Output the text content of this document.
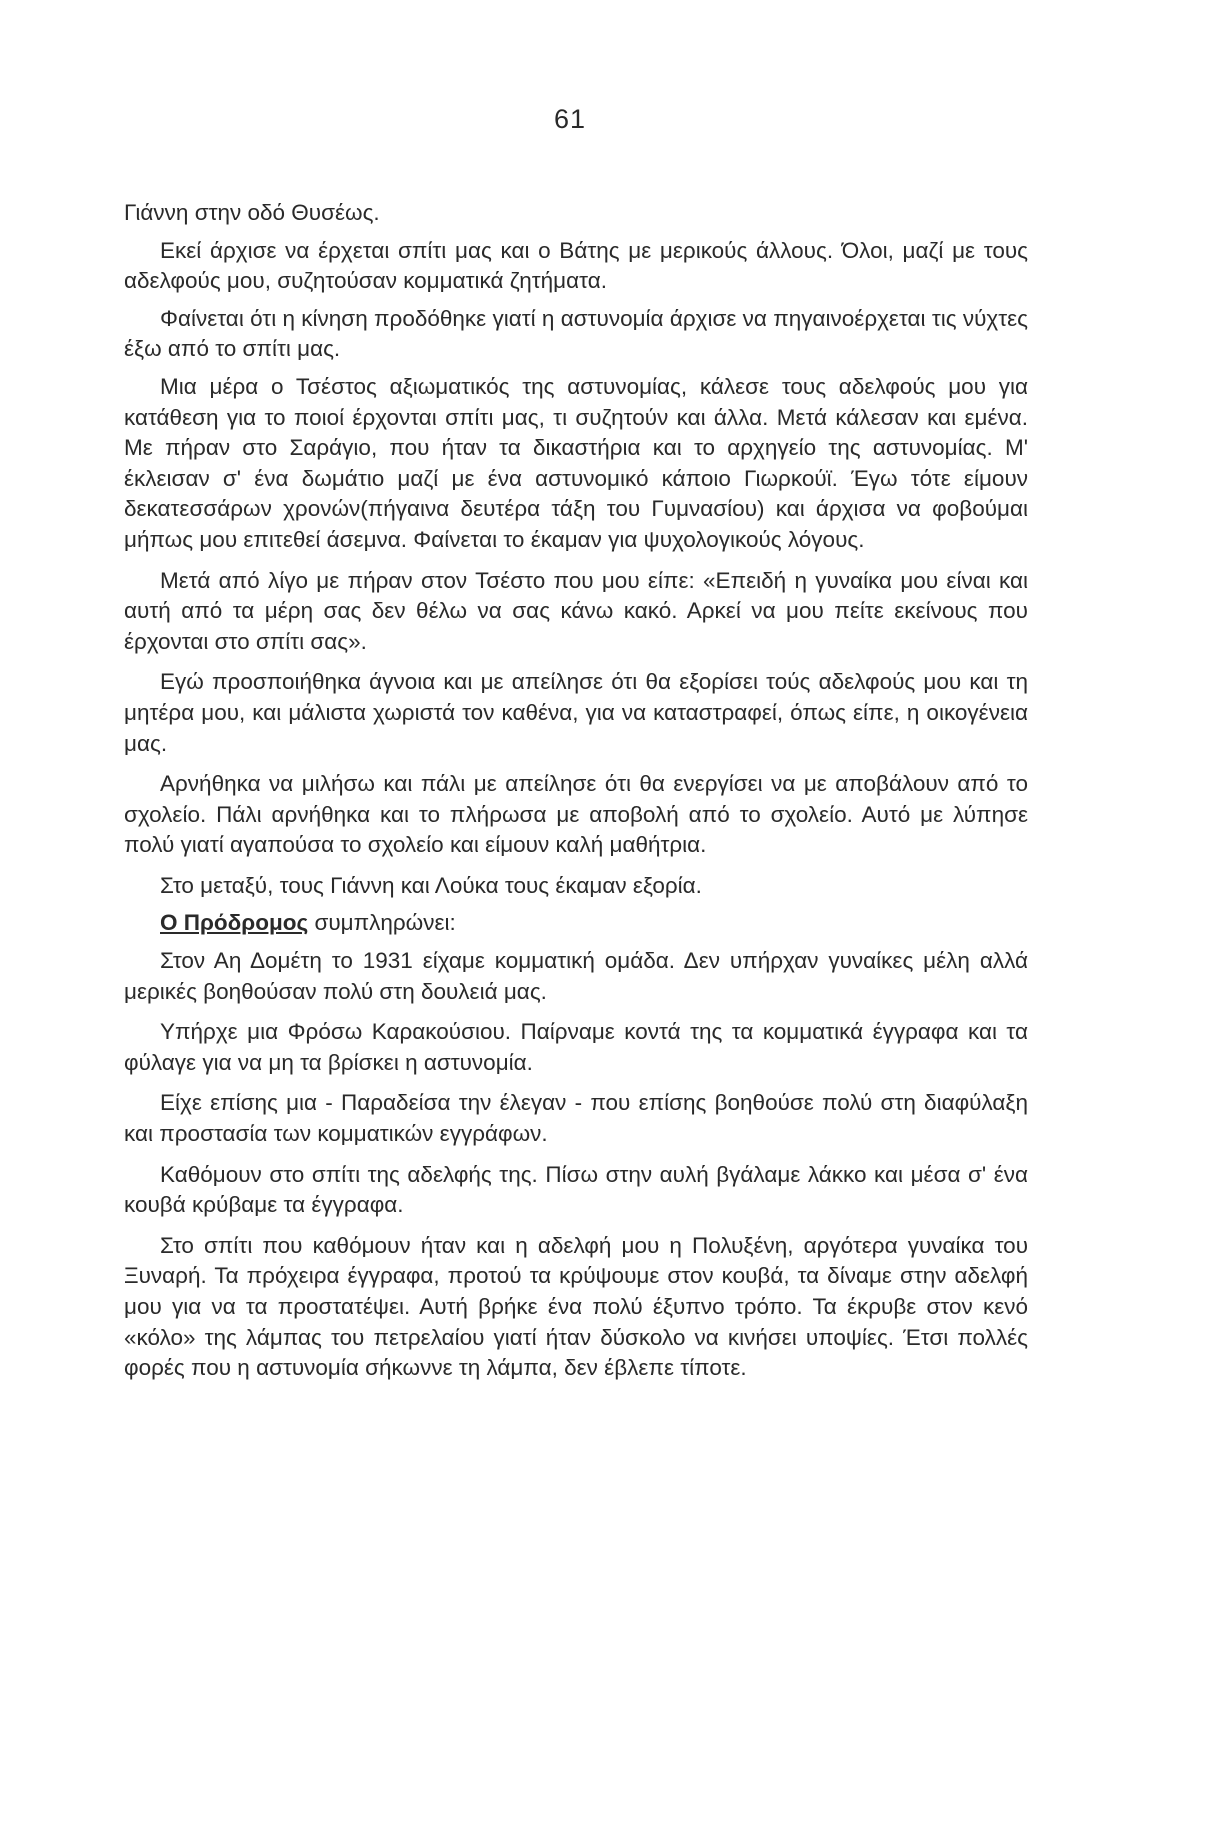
61

Γιάννη στην οδό Θυσέως.

Εκεί άρχισε να έρχεται σπίτι μας και ο Βάτης με μερικούς άλλους. Όλοι, μαζί με τους αδελφούς μου, συζητούσαν κομματικά ζητήματα.

Φαίνεται ότι η κίνηση προδόθηκε γιατί η αστυνομία άρχισε να πηγαινοέρχεται τις νύχτες έξω από το σπίτι μας.

Μια μέρα ο Τσέστος αξιωματικός της αστυνομίας, κάλεσε τους αδελφούς μου για κατάθεση για το ποιοί έρχονται σπίτι μας, τι συζητούν και άλλα. Μετά κάλεσαν και εμένα. Με πήραν στο Σαράγιο, που ήταν τα δικαστήρια και το αρχηγείο της αστυνομίας. Μ' έκλεισαν σ' ένα δωμάτιο μαζί με ένα αστυνομικό κάποιο Γιωρκούϊ. Έγω τότε είμουν δεκατεσσάρων χρονών(πήγαινα δευτέρα τάξη του Γυμνασίου) και άρχισα να φοβούμαι μήπως μου επιτεθεί άσεμνα. Φαίνεται το έκαμαν για ψυχολογικούς λόγους.

Μετά από λίγο με πήραν στον Τσέστο που μου είπε: «Επειδή η γυναίκα μου είναι και αυτή από τα μέρη σας δεν θέλω να σας κάνω κακό. Αρκεί να μου πείτε εκείνους που έρχονται στο σπίτι σας».

Εγώ προσποιήθηκα άγνοια και με απείλησε ότι θα εξορίσει τούς αδελφούς μου και τη μητέρα μου, και μάλιστα χωριστά τον καθένα, για να καταστραφεί, όπως είπε, η οικογένεια μας.

Αρνήθηκα να μιλήσω και πάλι με απείλησε ότι θα ενεργίσει να με αποβάλουν από το σχολείο. Πάλι αρνήθηκα και το πλήρωσα με αποβολή από το σχολείο. Αυτό με λύπησε πολύ γιατί αγαπούσα το σχολείο και είμουν καλή μαθήτρια.

Στο μεταξύ, τους Γιάννη και Λούκα τους έκαμαν εξορία.

Ο Πρόδρομος συμπληρώνει:

Στον Αη Δομέτη το 1931 είχαμε κομματική ομάδα. Δεν υπήρχαν γυναίκες μέλη αλλά μερικές βοηθούσαν πολύ στη δουλειά μας.

Υπήρχε μια Φρόσω Καρακούσιου. Παίρναμε κοντά της τα κομματικά έγγραφα και τα φύλαγε για να μη τα βρίσκει η αστυνομία.

Είχε επίσης μια - Παραδείσα την έλεγαν - που επίσης βοηθούσε πολύ στη διαφύλαξη και προστασία των κομματικών εγγράφων.

Καθόμουν στο σπίτι της αδελφής της. Πίσω στην αυλή βγάλαμε λάκκο και μέσα σ' ένα κουβά κρύβαμε τα έγγραφα.

Στο σπίτι που καθόμουν ήταν και η αδελφή μου η Πολυξένη, αργότερα γυναίκα του Ξυναρή. Τα πρόχειρα έγγραφα, προτού τα κρύψουμε στον κουβά, τα δίναμε στην αδελφή μου για να τα προστατέψει. Αυτή βρήκε ένα πολύ έξυπνο τρόπο. Τα έκρυβε στον κενό «κόλο» της λάμπας του πετρελαίου γιατί ήταν δύσκολο να κινήσει υποψίες. Έτσι πολλές φορές που η αστυνομία σήκωννε τη λάμπα, δεν έβλεπε τίποτε.
